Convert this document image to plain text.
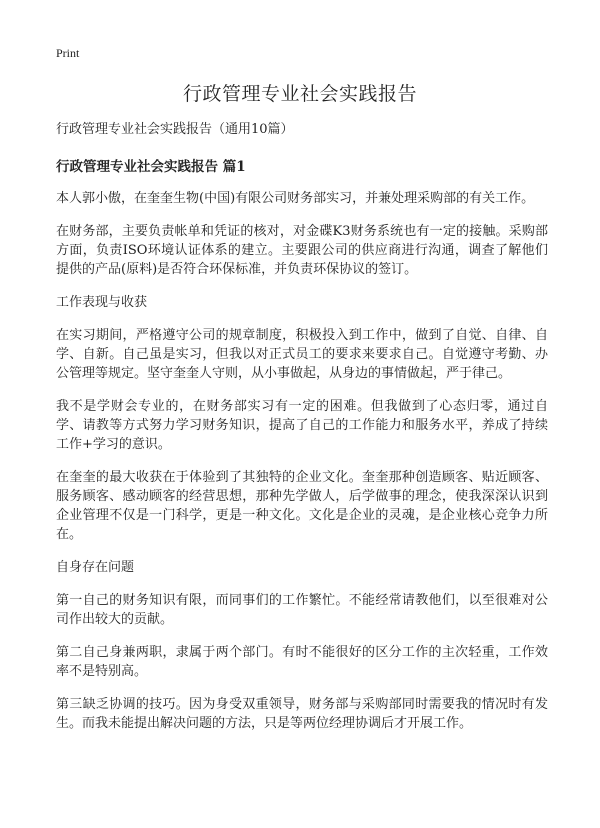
Print
行政管理专业社会实践报告

行政管理专业社会实践报告（通用10篇）

行政管理专业社会实践报告 篇1

本人郭小傲，在奎奎生物(中国)有限公司财务部实习，并兼处理采购部的有关工作。

在财务部，主要负责帐单和凭证的核对，对金碟K3财务系统也有一定的接触。采购部方面，负责ISO环境认证体系的建立。主要跟公司的供应商进行沟通，调查了解他们提供的产品(原料)是否符合环保标准，并负责环保协议的签订。

工作表现与收获

在实习期间，严格遵守公司的规章制度，积极投入到工作中，做到了自觉、自律、自学、自新。自己虽是实习，但我以对正式员工的要求来要求自己。自觉遵守考勤、办公管理等规定。坚守奎奎人守则，从小事做起，从身边的事情做起，严于律己。

我不是学财会专业的，在财务部实习有一定的困难。但我做到了心态归零，通过自学、请教等方式努力学习财务知识，提高了自己的工作能力和服务水平，养成了持续工作+学习的意识。

在奎奎的最大收获在于体验到了其独特的企业文化。奎奎那种创造顾客、贴近顾客、服务顾客、感动顾客的经营思想，那种先学做人，后学做事的理念，使我深深认识到企业管理不仅是一门科学，更是一种文化。文化是企业的灵魂，是企业核心竞争力所在。

自身存在问题

第一自己的财务知识有限，而同事们的工作繁忙。不能经常请教他们，以至很难对公司作出较大的贡献。

第二自己身兼两职，隶属于两个部门。有时不能很好的区分工作的主次轻重，工作效率不是特别高。

第三缺乏协调的技巧。因为身受双重领导，财务部与采购部同时需要我的情况时有发生。而我未能提出解决问题的方法，只是等两位经理协调后才开展工作。
